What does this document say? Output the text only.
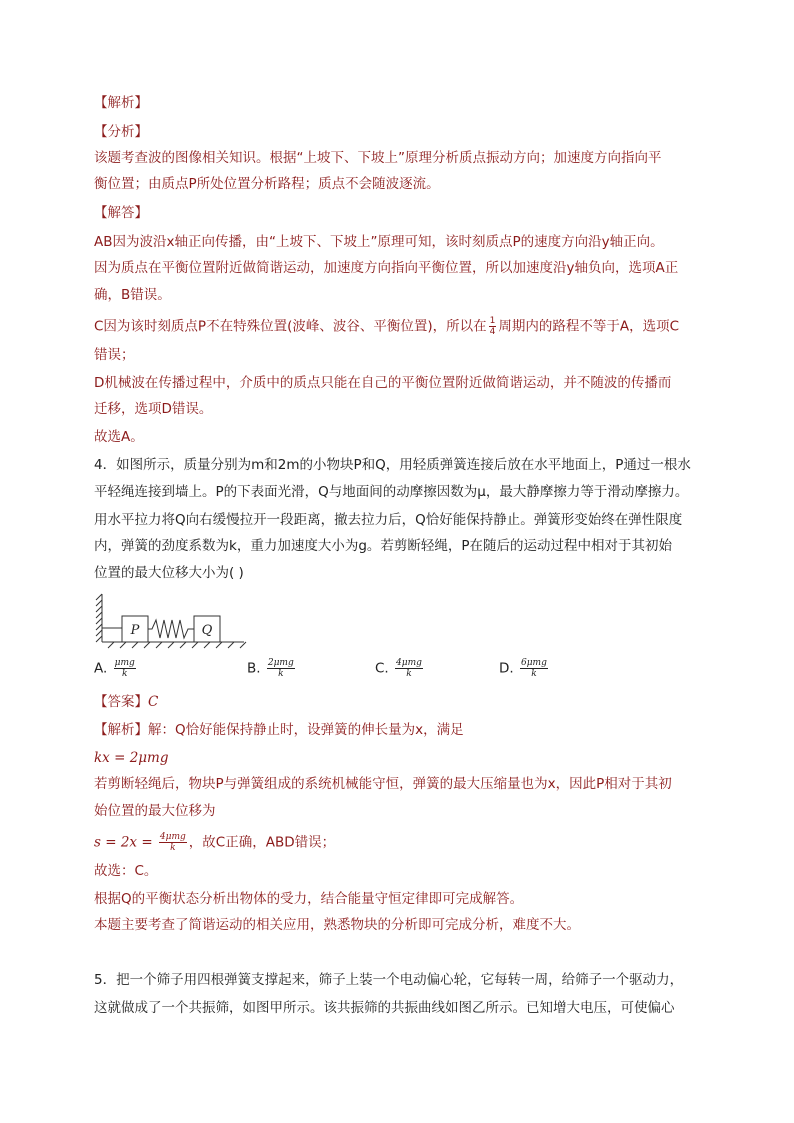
【解析】
【分析】
该题考查波的图像相关知识。根据“上坡下、下坡上”原理分析质点振动方向；加速度方向指向平
衡位置；由质点P所处位置分析路程；质点不会随波逐流。
【解答】
AB因为波沿x轴正向传播，由“上坡下、下坡上”原理可知，该时刻质点P的速度方向沿y轴正向。
因为质点在平衡位置附近做简谐运动，加速度方向指向平衡位置，所以加速度沿y轴负向，选项A正
确，B错误。
C因为该时刻质点P不在特殊位置(波峰、波谷、平衡位置)，所以在 $\frac{1}{4}$ 周期内的路程不等于A，选项C
错误；
D机械波在传播过程中，介质中的质点只能在自己的平衡位置附近做简谐运动，并不随波的传播而
迁移，选项D错误。
故选A。
4．如图所示，质量分别为m和2m的小物块P和Q，用轻质弹簧连接后放在水平地面上，P通过一根水
平轻绳连接到墙上。P的下表面光滑，Q与地面间的动摩擦因数为μ，最大静摩擦力等于滑动摩擦力。
用水平拉力将Q向右缓慢拉开一段距离，撤去拉力后，Q恰好能保持静止。弹簧形变始终在弹性限度
内，弹簧的劲度系数为k，重力加速度大小为g。若剪断轻绳，P在随后的运动过程中相对于其初始
位置的最大位移大小为( )
P	Q
A. $\frac{\text{μmg}}{k}$	B. $\frac{\text{2μmg}}{k}$	C. $\frac{\text{4μmg}}{k}$	D. $\frac{\text{6μmg}}{k}$
【答案】C
【解析】解：Q恰好能保持静止时，设弹簧的伸长量为x，满足
kx = 2μmg
若剪断轻绳后，物块P与弹簧组成的系统机械能守恒，弹簧的最大压缩量也为x，因此P相对于其初
始位置的最大位移为
$s = 2x = \frac{\text{4μmg}}{k}$ ，故C正确，ABD错误；
故选：C。
根据Q的平衡状态分析出物体的受力，结合能量守恒定律即可完成解答。
本题主要考查了简谐运动的相关应用，熟悉物块的分析即可完成分析，难度不大。
5．把一个筛子用四根弹簧支撑起来，筛子上装一个电动偏心轮，它每转一周，给筛子一个驱动力，
这就做成了一个共振筛，如图甲所示。该共振筛的共振曲线如图乙所示。已知增大电压，可使偏心
